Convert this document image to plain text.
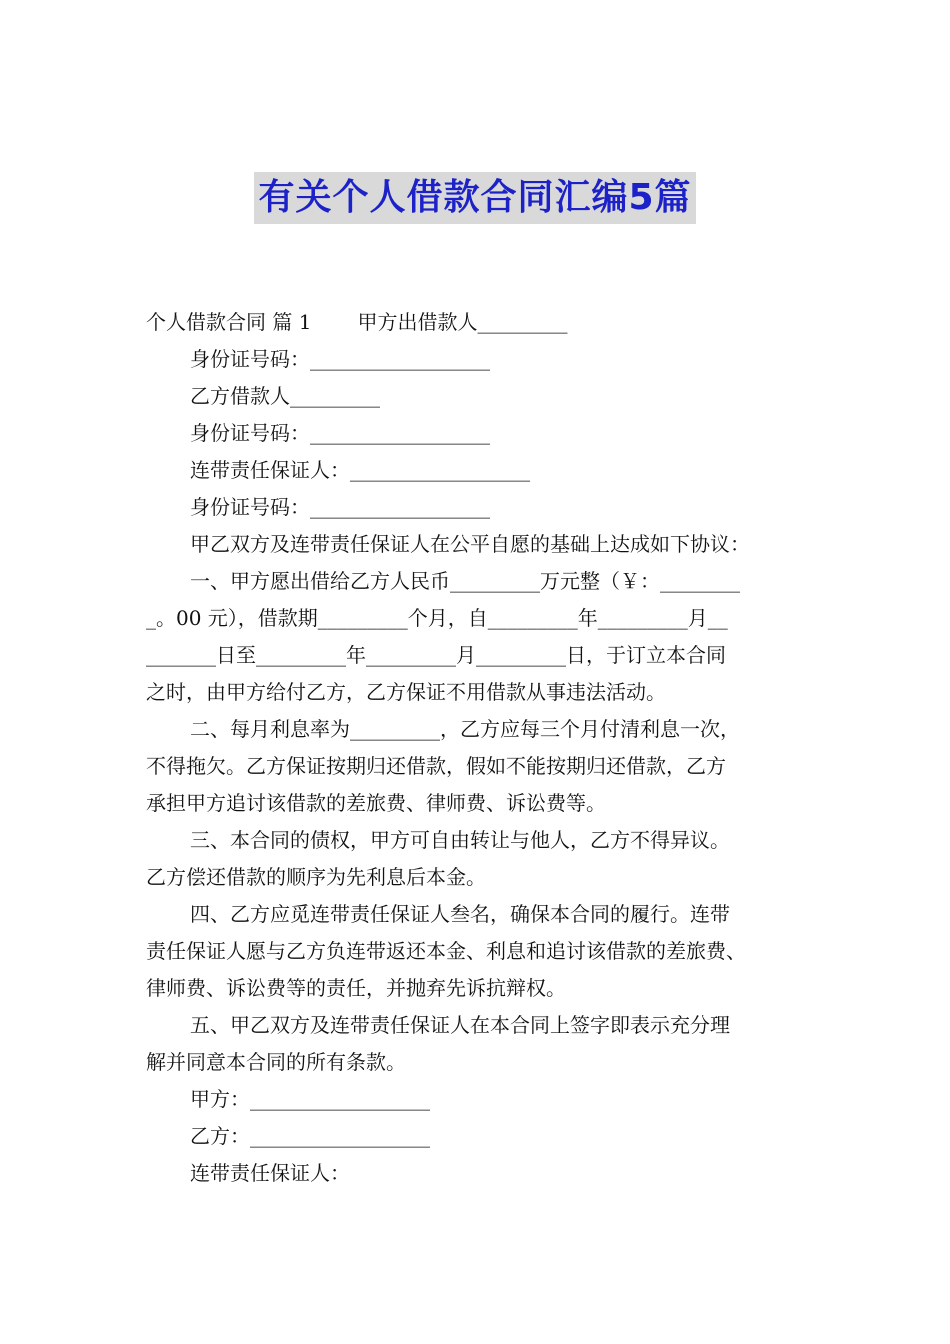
有关个人借款合同汇编5篇
个人借款合同 篇 1 甲方出借款人_________
身份证号码：__________________
乙方借款人_________
身份证号码：__________________
连带责任保证人：__________________
身份证号码：__________________
甲乙双方及连带责任保证人在公平自愿的基础上达成如下协议：
一、甲方愿出借给乙方人民币_________万元整（￥：________
_。00 元），借款期_________个月，自_________年_________月__
_______日至_________年_________月_________日，于订立本合同
之时，由甲方给付乙方，乙方保证不用借款从事违法活动。
二、每月利息率为_________，乙方应每三个月付清利息一次，
不得拖欠。乙方保证按期归还借款，假如不能按期归还借款，乙方
承担甲方追讨该借款的差旅费、律师费、诉讼费等。
三、本合同的债权，甲方可自由转让与他人，乙方不得异议。
乙方偿还借款的顺序为先利息后本金。
四、乙方应觅连带责任保证人叁名，确保本合同的履行。连带
责任保证人愿与乙方负连带返还本金、利息和追讨该借款的差旅费、
律师费、诉讼费等的责任，并抛弃先诉抗辩权。
五、甲乙双方及连带责任保证人在本合同上签字即表示充分理
解并同意本合同的所有条款。
甲方：__________________
乙方：__________________
连带责任保证人：
